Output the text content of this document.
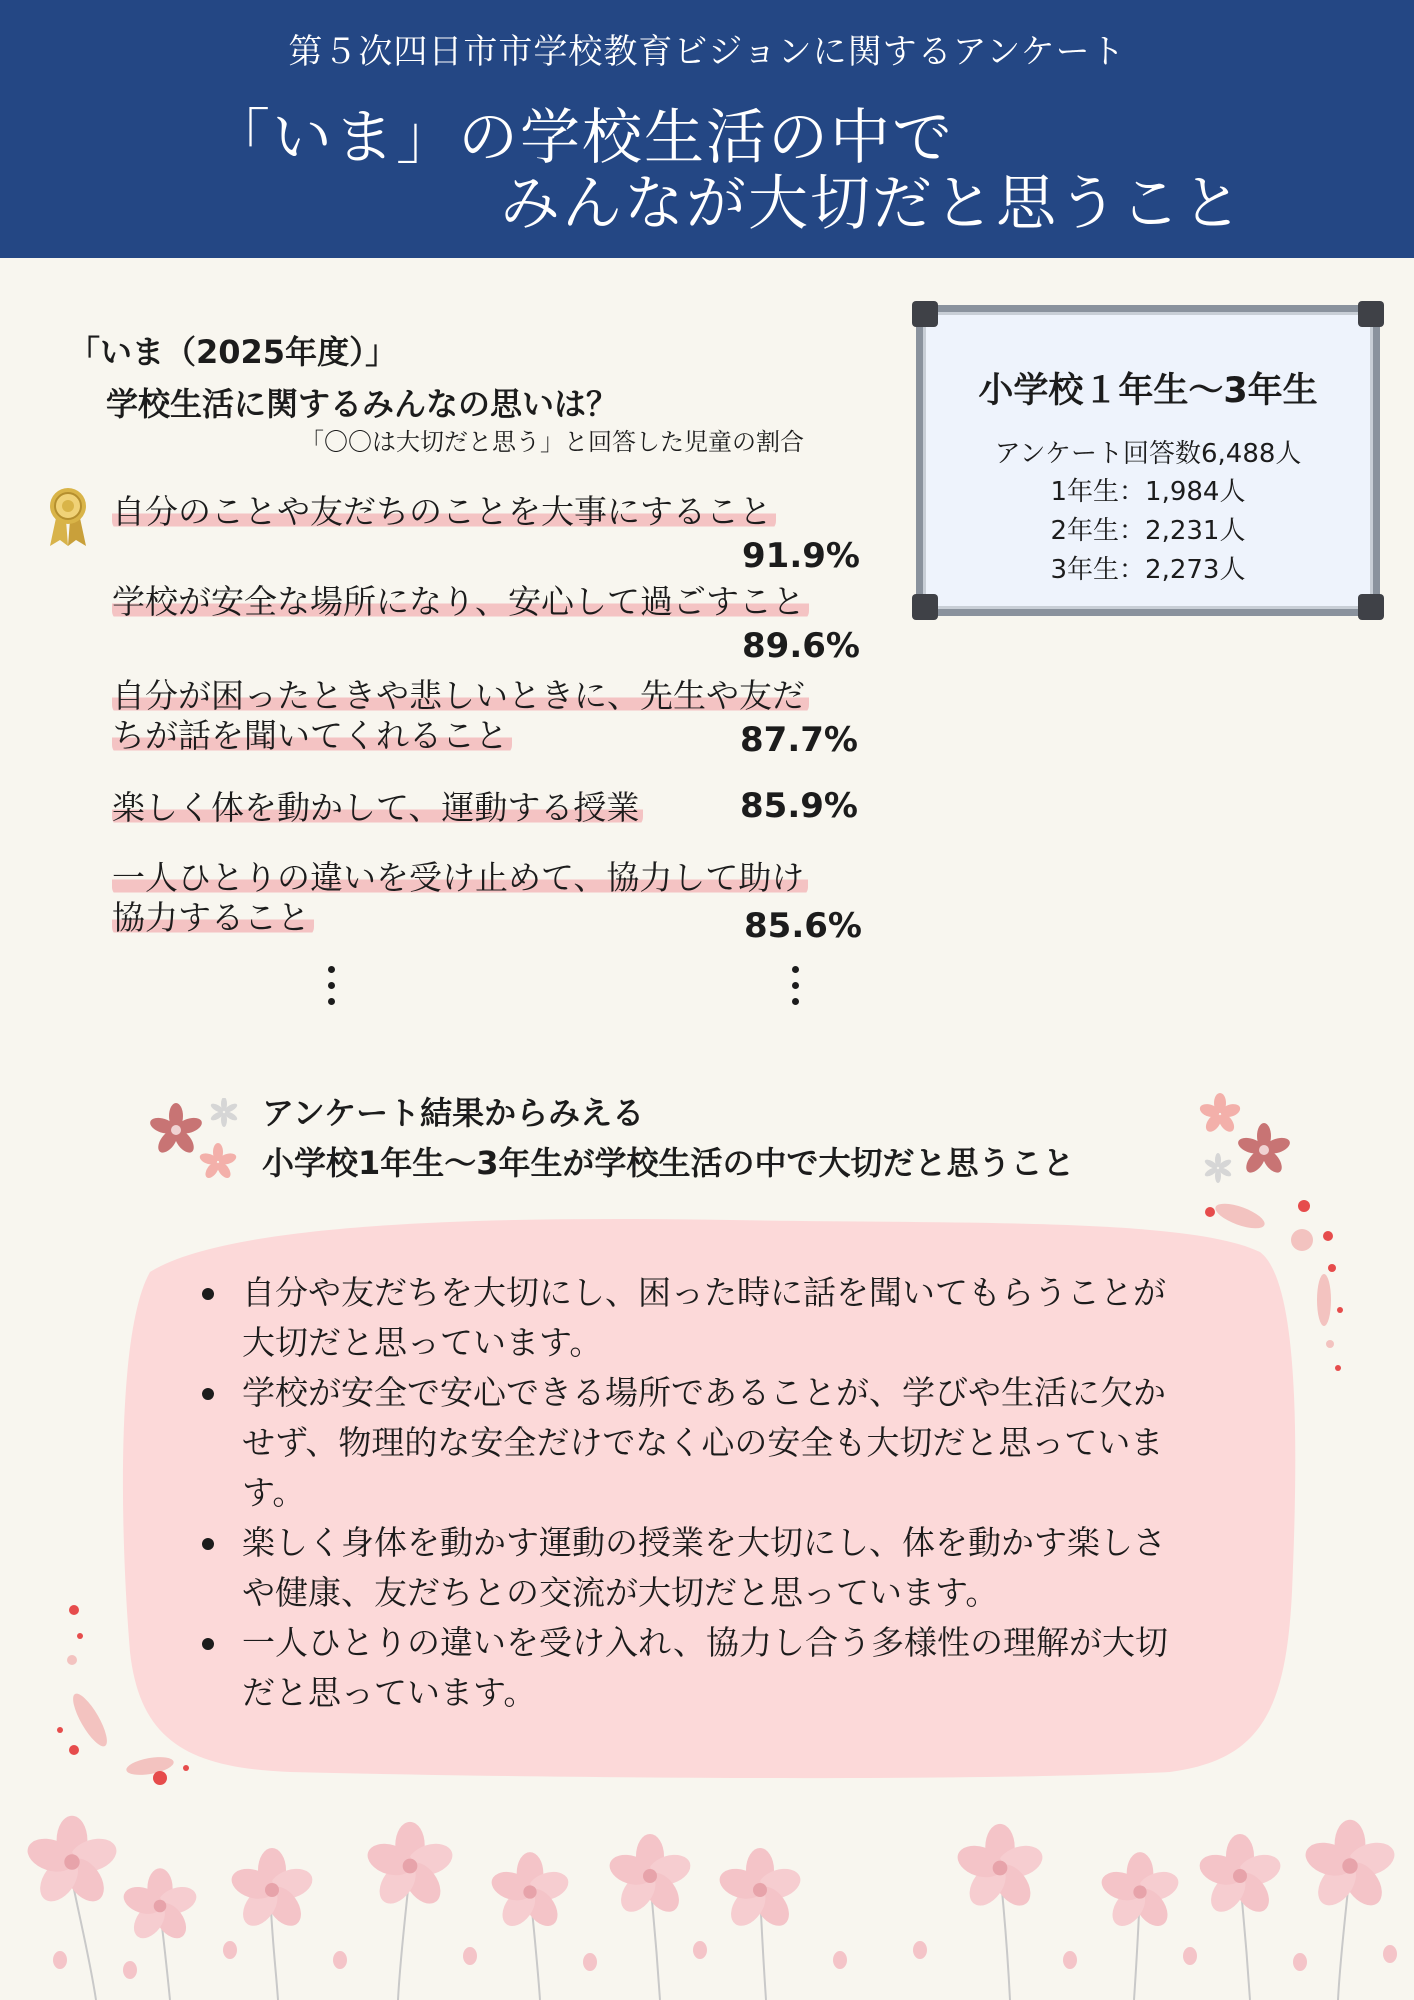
第５次四日市市学校教育ビジョンに関するアンケート
「いま」の学校生活の中で
みんなが大切だと思うこと
「いま（2025年度）」
学校生活に関するみんなの思いは？
「〇〇は大切だと思う」と回答した児童の割合
自分のことや友だちのことを大事にすること
91.9%
学校が安全な場所になり、安心して過ごすこと
89.6%
自分が困ったときや悲しいときに、先生や友だ
ちが話を聞いてくれること	87.7%
楽しく体を動かして、運動する授業	85.9%
一人ひとりの違いを受け止めて、協力して助け
協力すること	85.6%
小学校１年生～3年生
アンケート回答数6,488人
1年生：1,984人
2年生：2,231人
3年生：2,273人
アンケート結果からみえる
小学校1年生～3年生が学校生活の中で大切だと思うこと
自分や友だちを大切にし、困った時に話を聞いてもらうことが
大切だと思っています。
学校が安全で安心できる場所であることが、学びや生活に欠か
せず、物理的な安全だけでなく心の安全も大切だと思っていま
す。
楽しく身体を動かす運動の授業を大切にし、体を動かす楽しさ
や健康、友だちとの交流が大切だと思っています。
一人ひとりの違いを受け入れ、協力し合う多様性の理解が大切
だと思っています。
